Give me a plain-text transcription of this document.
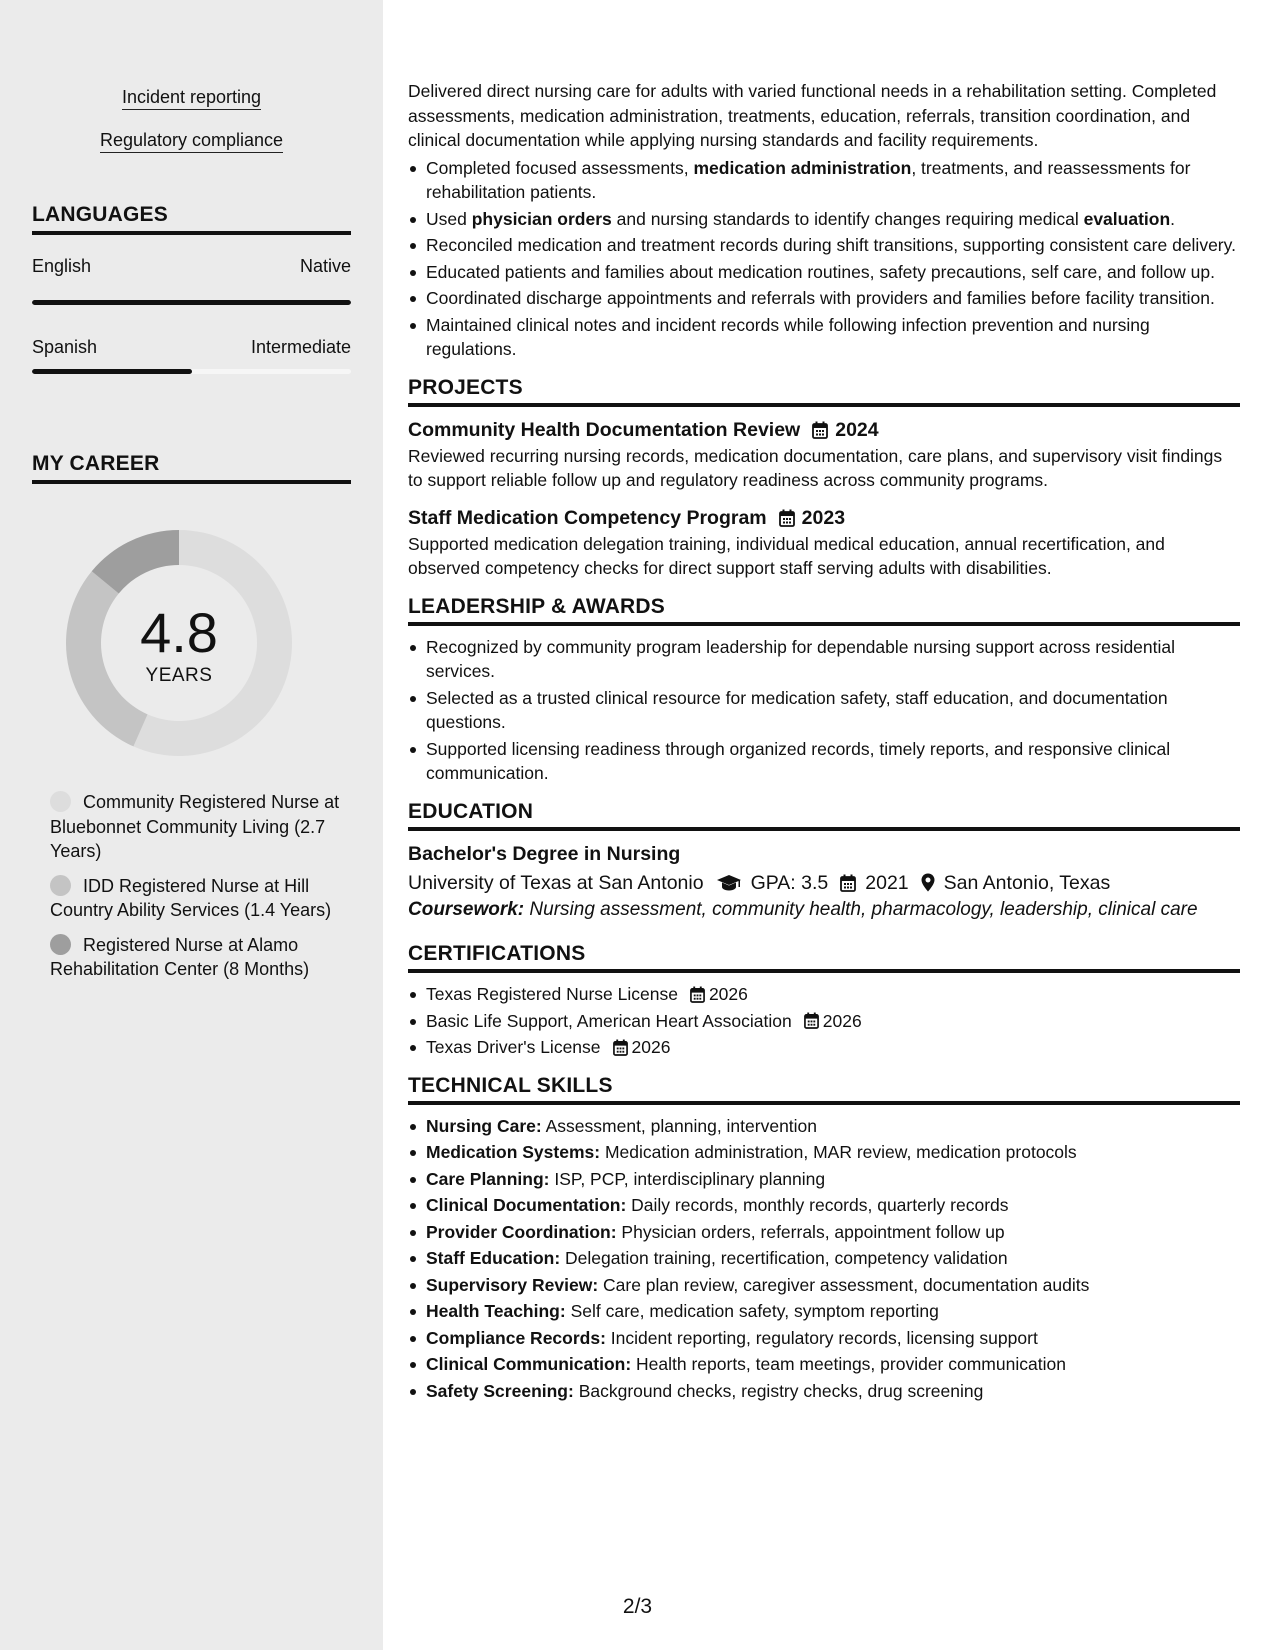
Incident reporting
Regulatory compliance
LANGUAGES
English	Native
Spanish	Intermediate
MY CAREER
4.8
YEARS
Community Registered Nurse at Bluebonnet Community Living (2.7 Years)
IDD Registered Nurse at Hill Country Ability Services (1.4 Years)
Registered Nurse at Alamo Rehabilitation Center (8 Months)

Delivered direct nursing care for adults with varied functional needs in a rehabilitation setting. Completed assessments, medication administration, treatments, education, referrals, transition coordination, and clinical documentation while applying nursing standards and facility requirements.

Completed focused assessments, medication administration, treatments, and reassessments for rehabilitation patients.
Used physician orders and nursing standards to identify changes requiring medical evaluation.
Reconciled medication and treatment records during shift transitions, supporting consistent care delivery.
Educated patients and families about medication routines, safety precautions, self care, and follow up.
Coordinated discharge appointments and referrals with providers and families before facility transition.
Maintained clinical notes and incident records while following infection prevention and nursing regulations.
PROJECTS
Community Health Documentation Review 2024

Reviewed recurring nursing records, medication documentation, care plans, and supervisory visit findings to support reliable follow up and regulatory readiness across community programs.

Staff Medication Competency Program 2023

Supported medication delegation training, individual medical education, annual recertification, and observed competency checks for direct support staff serving adults with disabilities.

LEADERSHIP & AWARDS
Recognized by community program leadership for dependable nursing support across residential services.
Selected as a trusted clinical resource for medication safety, staff education, and documentation questions.
Supported licensing readiness through organized records, timely reports, and responsive clinical communication.
EDUCATION
Bachelor's Degree in Nursing
University of Texas at San Antonio GPA: 3.5 2021 San Antonio, Texas

Coursework: Nursing assessment, community health, pharmacology, leadership, clinical care

CERTIFICATIONS
Texas Registered Nurse License 2026
Basic Life Support, American Heart Association 2026
Texas Driver's License 2026
TECHNICAL SKILLS
Nursing Care: Assessment, planning, intervention
Medication Systems: Medication administration, MAR review, medication protocols
Care Planning: ISP, PCP, interdisciplinary planning
Clinical Documentation: Daily records, monthly records, quarterly records
Provider Coordination: Physician orders, referrals, appointment follow up
Staff Education: Delegation training, recertification, competency validation
Supervisory Review: Care plan review, caregiver assessment, documentation audits
Health Teaching: Self care, medication safety, symptom reporting
Compliance Records: Incident reporting, regulatory records, licensing support
Clinical Communication: Health reports, team meetings, provider communication
Safety Screening: Background checks, registry checks, drug screening
2/3
